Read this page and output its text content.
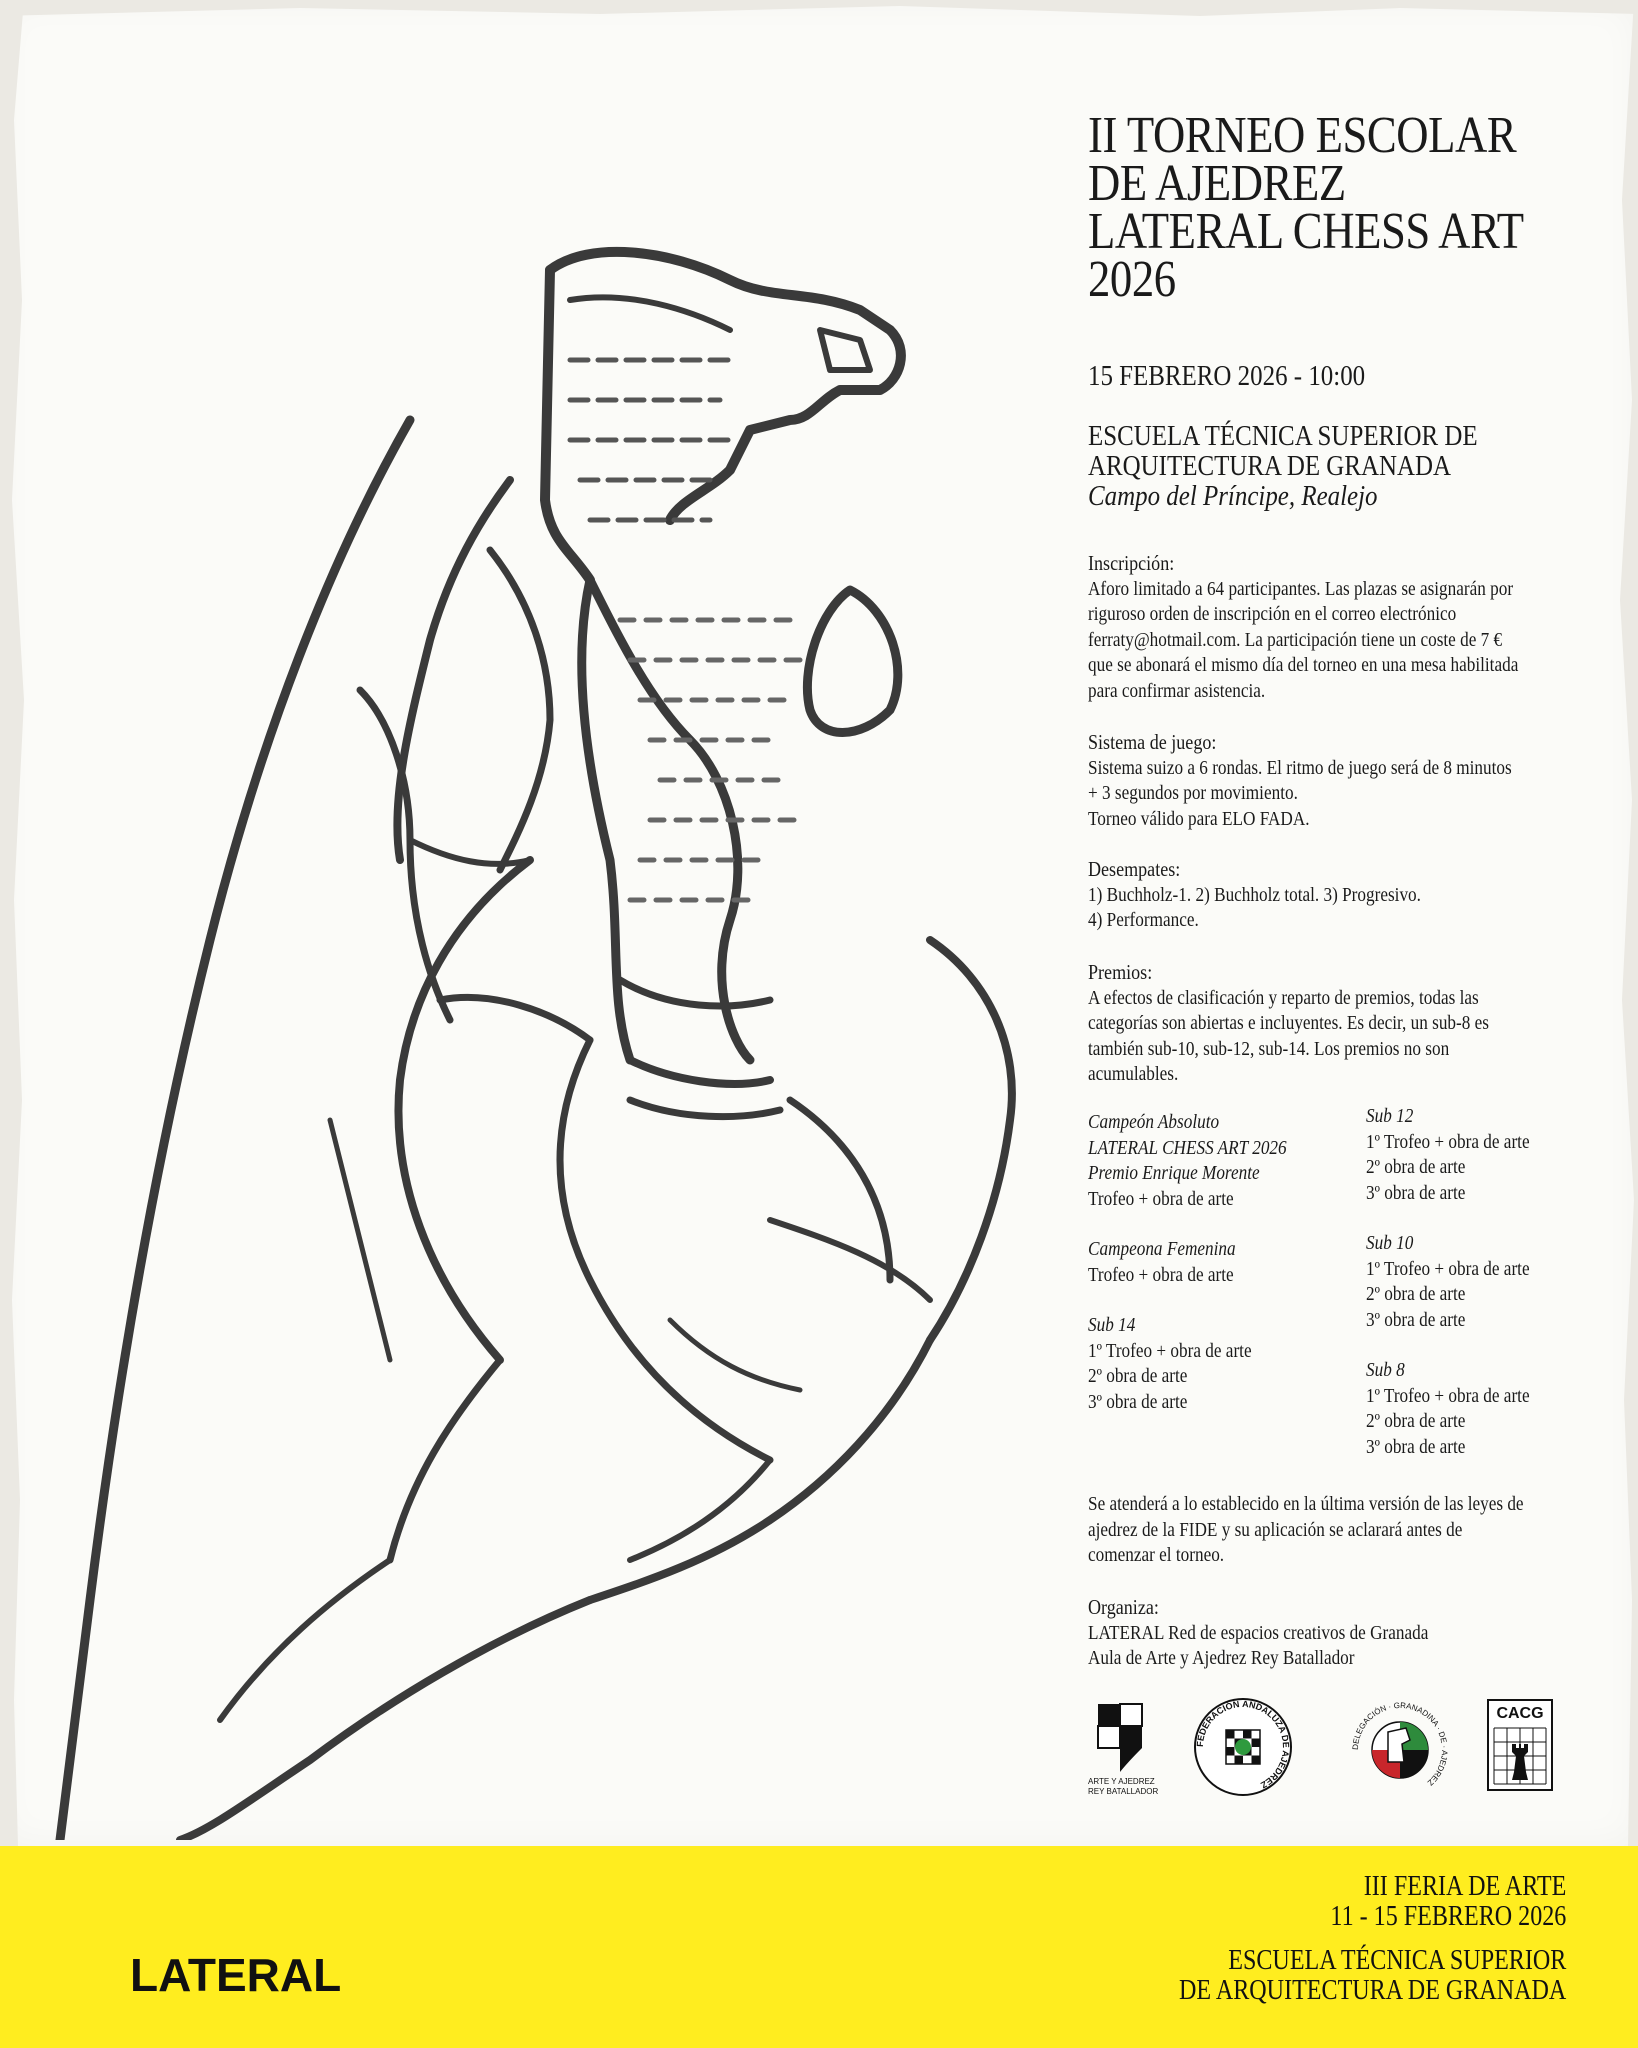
II TORNEO ESCOLAR
DE AJEDREZ
LATERAL CHESS ART
2026
15 FEBRERO 2026 - 10:00
ESCUELA TÉCNICA SUPERIOR DE
ARQUITECTURA DE GRANADA
Campo del Príncipe, Realejo
Inscripción:
Aforo limitado a 64 participantes. Las plazas se asignarán por
riguroso orden de inscripción en el correo electrónico
ferraty@hotmail.com. La participación tiene un coste de 7 €
que se abonará el mismo día del torneo en una mesa habilitada
para confirmar asistencia.
Sistema de juego:
Sistema suizo a 6 rondas. El ritmo de juego será de 8 minutos
+ 3 segundos por movimiento.
Torneo válido para ELO FADA.
Desempates:
1) Buchholz-1. 2) Buchholz total. 3) Progresivo.
4) Performance.
Premios:
A efectos de clasificación y reparto de premios, todas las
categorías son abiertas e incluyentes. Es decir, un sub-8 es
también sub-10, sub-12, sub-14. Los premios no son
acumulables.
Campeón Absoluto
LATERAL CHESS ART 2026
Premio Enrique Morente
Trofeo + obra de arte
Campeona Femenina
Trofeo + obra de arte
Sub 14
1º Trofeo + obra de arte
2º obra de arte
3º obra de arte
Sub 12
1º Trofeo + obra de arte
2º obra de arte
3º obra de arte
Sub 10
1º Trofeo + obra de arte
2º obra de arte
3º obra de arte
Sub 8
1º Trofeo + obra de arte
2º obra de arte
3º obra de arte
Se atenderá a lo establecido en la última versión de las leyes de
ajedrez de la FIDE y su aplicación se aclarará antes de
comenzar el torneo.
Organiza:
LATERAL Red de espacios creativos de Granada
Aula de Arte y Ajedrez Rey Batallador
ARTE Y AJEDREZ
REY BATALLADOR
FEDERACIÓN ANDALUZA DE AJEDREZ
DELEGACIÓN · GRANADINA · DE · AJEDREZ
CACG
LATERAL
III FERIA DE ARTE
11 - 15 FEBRERO 2026
ESCUELA TÉCNICA SUPERIOR
DE ARQUITECTURA DE GRANADA
